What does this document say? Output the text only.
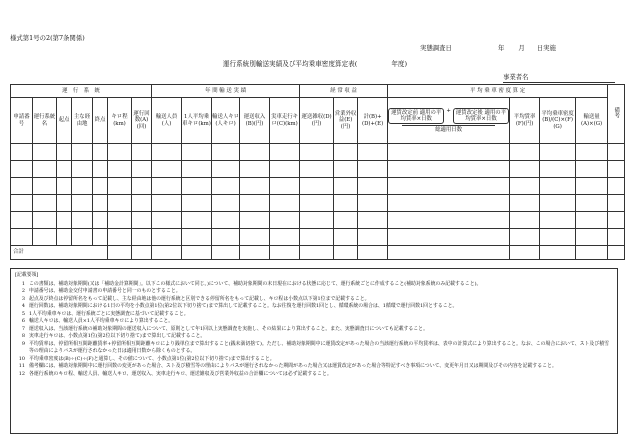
様式第1号の2(第7条関係)
実態調査日	年 月 日実施
運行系統別輸送実績及び平均乗車密度算定表(	年度)
事業者名
運　行　系　統							年 間 輸 送 実 績					経 常 収 益			平 均 乗 車 密 度 算 定				備考
申請番号	運行系統名	起点	主な経由地	終点	キロ程(km)	運行回数(A)(回)	輸送人員(人)	1人平均乗車キロ(km)	輸送人キロ(人キロ)	運送収入(B)(円)	実車走行キロ(C)(km)	運送雑収(D)(円)	営業外収益(E)(円)	計(B)+(D)+(E)	運賃改定前 適用の平均賃率×日数
+ 運賃改定後 適用の平均賃率×日数
総適用日数	平均賃率(F)(円)	平均乗車密度(B)/(C)×(F)(G)	輸送量(A)×(G)	

合計																			
[記載要領]
1 この書類は、補助対象期間(又は「補助金計算期間」。以下この様式において同じ。)について、補助対象期間の末日現在における状態に応じて、運行系統ごとに作成すること(補助対象系統のみ記載すること)。
2 申請番号は、補助金交付申請書の申請番号と同一のものとすること。
3 起点及び終点は停留所名をもって記載し、主な経由地は他の運行系統と区別できる停留所名をもって記載し、キロ程は小数点以下第1位まで記載すること。
4 運行回数は、補助対象期間における1日の平均を小数点第1位(第2位以下切り捨て)まで算出して記載すること。なお往復を運行回数1回とし、循環系統の場合は、1循環で運行回数1回とすること。
5 1人平均乗車キロは、運行系統ごとに実態調査に基づいて記載すること。
6 輸送人キロは、輸送人員×1人平均乗車キロにより算出すること。
7 運送収入は、当該運行系統の補助対象期間の運送収入について、原則として年1回以上実態調査を実施し、その結果により算出すること。また、実態調査日についても記載すること。
8 実車走行キロは、小数点第1位(第2位以下切り捨て)まで算出して記載すること。
9 平均賃率は、停留所相互間距離賃率+停留所相互間距離キロにより銭単位まで算出すること(銭未満切捨て)。ただし、補助対象期間中に運賃改定があった場合の当該運行系統の平均賃率は、表中の計算式により算出すること。なお、この場合において、スト及び積雪等の理由によりバスが運行されなかった日は適用日数から除くものとする。
10 平均乗車密度は(B)÷(C)÷(F)と通算し、その値について、小数点第1位(第2位以下切り捨て)まで算出すること。
11 備考欄には、補助対象期間中に運行回数の変更があった場合、スト及び積雪等の理由によりバスが運行されなかった期間があった場合又は運賃改定があった場合等特記すべき事項について、変更年月日又は期間及びその内容を記載すること。
12 各運行系統のキロ程、輸送人員、輸送人キロ、運送収入、実車走行キロ、運送雑収及び営業外収益の合計欄については必ず記載すること。
